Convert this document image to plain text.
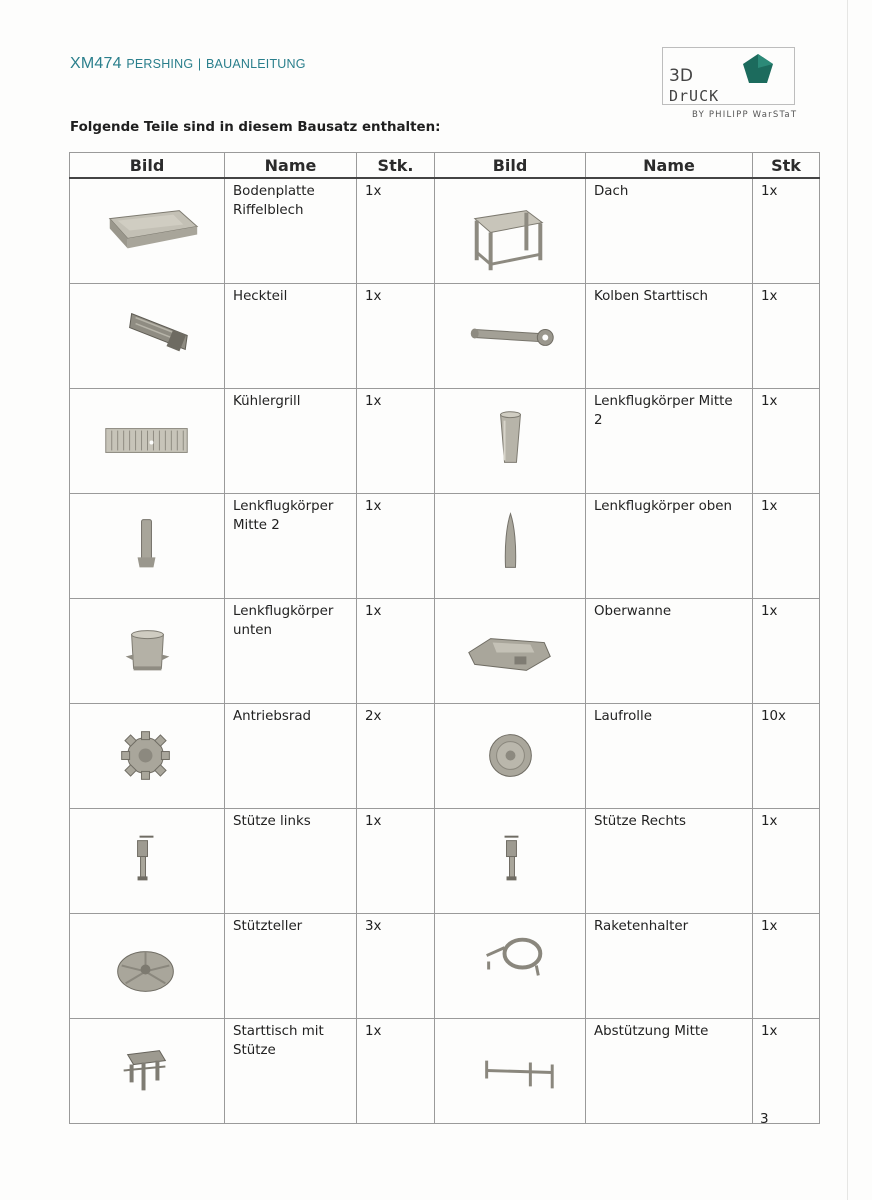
XM474 PERSHING | BAUANLEITUNG
3D
DrUCK
BY PHILIPP WarSTaT
Folgende Teile sind in diesem Bausatz enthalten:
Bild	Name	Stk.	Bild	Name	Stk

	Bodenplatte
Riffelblech	1x		Dach	1x

	Heckteil	1x		Kolben Starttisch	1x

	Kühlergrill	1x		Lenkflugkörper Mitte 2	1x

	Lenkflugkörper
Mitte 2	1x		Lenkflugkörper oben	1x

	Lenkflugkörper
unten	1x		Oberwanne	1x

	Antriebsrad	2x		Laufrolle	10x

	Stütze links	1x		Stütze Rechts	1x

	Stützteller	3x		Raketenhalter	1x

	Starttisch mit
Stütze	1x		Abstützung Mitte	1x
3
